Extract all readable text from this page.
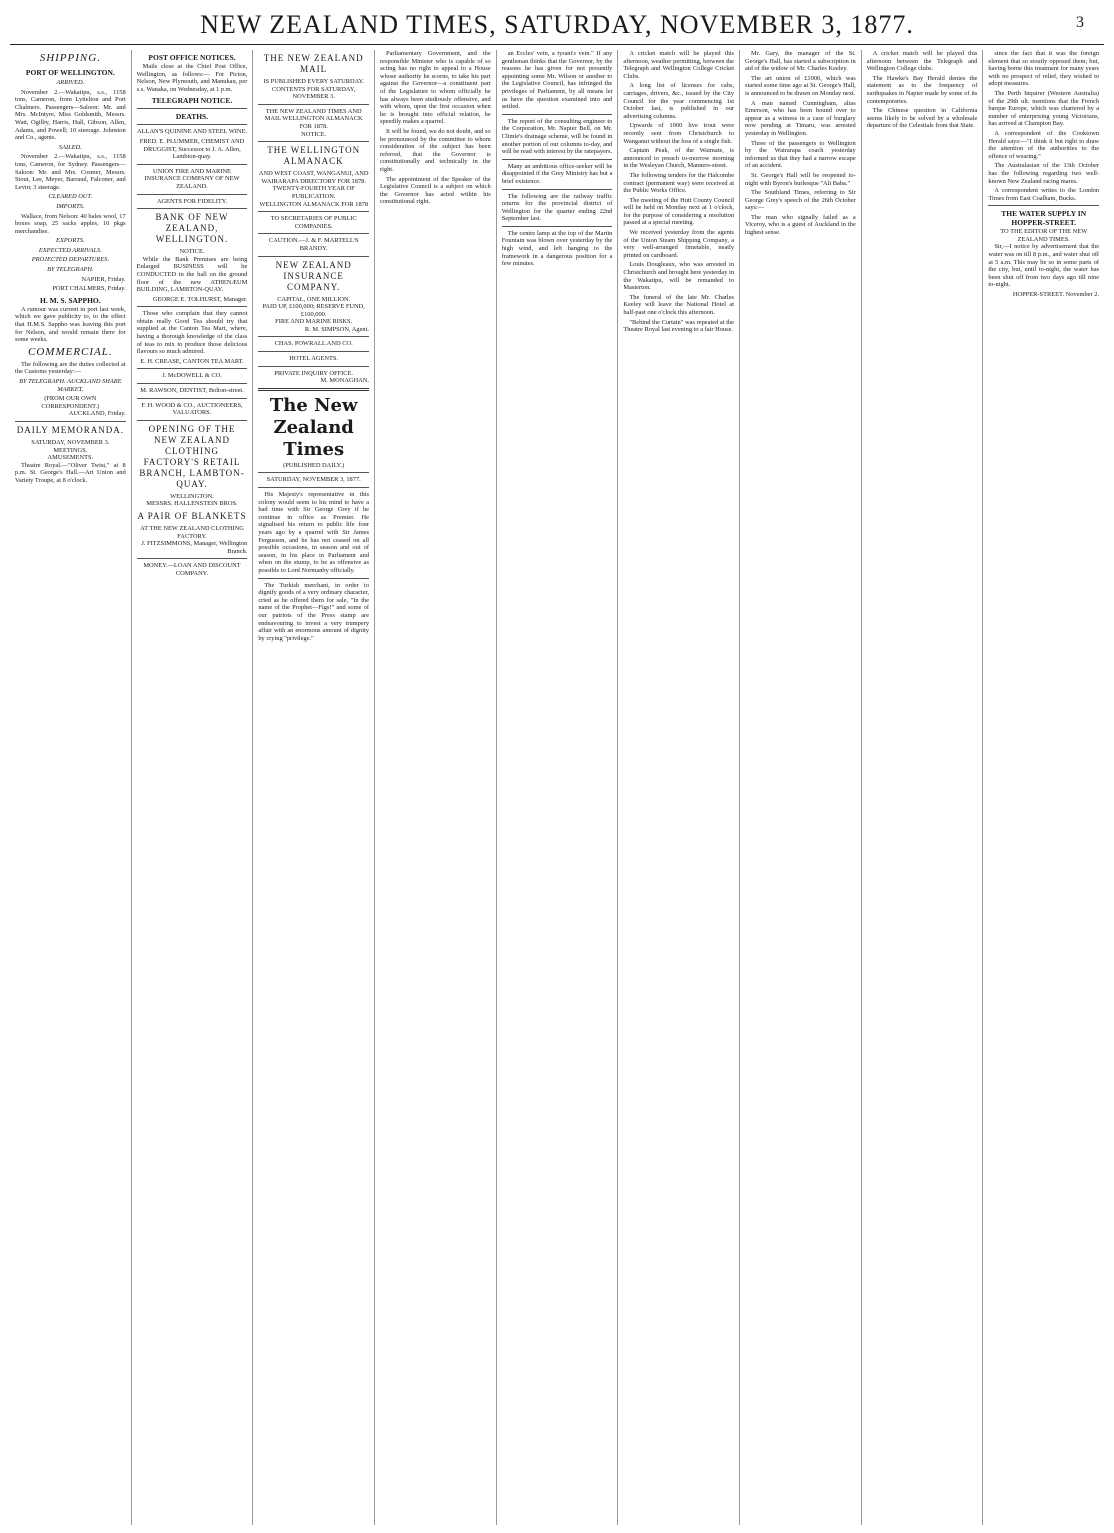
NEW ZEALAND TIMES, SATURDAY, NOVEMBER 3, 1877.	3
SHIPPING.
PORT OF WELLINGTON.
ARRIVED.

November 2.—Wakatipu, s.s., 1158 tons, Cameron, from Lyttelton and Port Chalmers. Passengers—Saloon: Mr. and Mrs. McIntyre, Miss Goldsmith, Messrs. Watt, Ogilby, Harris, Hall, Gibson, Allen, Adams, and Powell; 10 steerage. Johnston and Co., agents.

SAILED.

November 2.—Wakatipu, s.s., 1158 tons, Cameron, for Sydney. Passengers—Saloon: Mr. and Mrs. Cosmer, Messrs. Stout, Lee, Meyer, Barraud, Falconer, and Levin; 3 steerage.

CLEARED OUT.
IMPORTS.

Wallace, from Nelson: 40 bales wool, 17 boxes soap, 25 sacks apples, 10 pkgs merchandise.

EXPORTS.
EXPECTED ARRIVALS.
PROJECTED DEPARTURES.
BY TELEGRAPH.

NAPIER, Friday.

PORT CHALMERS, Friday.

H. M. S. SAPPHO.

A rumour was current in port last week, which we gave publicity to, to the effect that H.M.S. Sappho was leaving this port for Nelson, and would remain there for some weeks.

COMMERCIAL.

The following are the duties collected at the Customs yesterday:—

BY TELEGRAPH. AUCKLAND SHARE MARKET.
(FROM OUR OWN CORRESPONDENT.)

AUCKLAND, Friday.

DAILY MEMORANDA.
SATURDAY, NOVEMBER 3.
MEETINGS.
AMUSEMENTS.

Theatre Royal.—"Oliver Twist," at 8 p.m. St. George's Hall.—Art Union and Variety Troupe, at 8 o'clock.

POST OFFICE NOTICES.

Mails close at the Chief Post Office, Wellington, as follows:— For Picton, Nelson, New Plymouth, and Manukau, per s.s. Wanaka, on Wednesday, at 1 p.m.

TELEGRAPH NOTICE.
DEATHS.

ALLAN'S QUININE AND STEEL WINE.

FRED. E. PLUMMER, CHEMIST AND DRUGGIST, Successor to J. A. Allen, Lambton-quay.

UNION FIRE AND MARINE INSURANCE COMPANY OF NEW ZEALAND.

AGENTS FOR FIDELITY.

BANK OF NEW ZEALAND, WELLINGTON.
NOTICE.

While the Bank Premises are being Enlarged BUSINESS will be CONDUCTED in the hall on the ground floor of the new ATHENÆUM BUILDING, LAMBTON-QUAY.

GEORGE E. TOLHURST, Manager.

Those who complain that they cannot obtain really Good Tea should try that supplied at the Canton Tea Mart, where, having a thorough knowledge of the class of teas to mix to produce those delicious flavours so much admired.

E. H. CREASE, CANTON TEA MART.

J. McDOWELL & CO.

M. RAWSON, DENTIST, Bolton-street.

F. H. WOOD & CO., AUCTIONEERS, VALUATORS.

OPENING OF THE NEW ZEALAND CLOTHING FACTORY'S RETAIL BRANCH, LAMBTON-QUAY.
WELLINGTON.
MESSRS. HALLENSTEIN BROS.
A PAIR OF BLANKETS
AT THE NEW ZEALAND CLOTHING FACTORY.

J. FITZSIMMONS, Manager, Wellington Branch.

MONEY.—LOAN AND DISCOUNT COMPANY.

THE NEW ZEALAND MAIL
IS PUBLISHED EVERY SATURDAY.
CONTENTS FOR SATURDAY, NOVEMBER 3.
THE NEW ZEALAND TIMES AND MAIL WELLINGTON ALMANACK FOR 1878.
NOTICE.
THE WELLINGTON ALMANACK
AND WEST COAST, WANGANUI, AND WAIRARAPA DIRECTORY FOR 1878.
TWENTY-FOURTH YEAR OF PUBLICATION.
WELLINGTON ALMANACK FOR 1878
TO SECRETARIES OF PUBLIC COMPANIES.
CAUTION.—J. & F. MARTELL'S BRANDY.
NEW ZEALAND INSURANCE COMPANY.
CAPITAL, ONE MILLION.
PAID UP, £100,000; RESERVE FUND, £100,000.
FIRE AND MARINE RISKS.

R. M. SIMPSON, Agent.

CHAS. POWRALL AND CO.
HOTEL AGENTS.
PRIVATE INQUIRY OFFICE.

M. MONAGHAN.

The New Zealand Times
(PUBLISHED DAILY.)
SATURDAY, NOVEMBER 3, 1877.

His Majesty's representative in this colony would seem to his mind to have a bad time with Sir George Grey if he continue in office as Premier. He signalised his return to public life four years ago by a quarrel with Sir James Fergusson, and he has not ceased on all possible occasions, in season and out of season, in his place in Parliament and when on the stump, to be as offensive as possible to Lord Normanby officially.

The Turkish merchant, in order to dignify goods of a very ordinary character, cried as he offered them for sale, "In the name of the Prophet—Figs!" and some of our patriots of the Press stamp are endeavouring to invest a very trumpery affair with an enormous amount of dignity by crying "privilege."

Parliamentary Government, and the responsible Minister who is capable of so acting has no right to appeal to a House whose authority he scorns, to take his part against the Governor—a constituent part of the Legislature to whom officially he has always been studiously offensive, and with whom, upon the first occasion when he is brought into official relation, he speedily makes a quarrel.

It will be found, we do not doubt, and so be pronounced by the committee to whom consideration of the subject has been referred, that the Governor is constitutionally and technically in the right.

The appointment of the Speaker of the Legislative Council is a subject on which the Governor has acted within his constitutional right.

an Eccles' vein, a tyrant's vein." If any gentleman thinks that the Governor, by the reasons he has given for not presently appointing some Mr. Wilson or another to the Legislative Council, has infringed the privileges of Parliament, by all means let us have the question examined into and settled.

The report of the consulting engineer to the Corporation, Mr. Napier Bell, on Mr. Climie's drainage scheme, will be found in another portion of our columns to-day, and will be read with interest by the ratepayers.

Many an ambitious office-seeker will be disappointed if the Grey Ministry has but a brief existence.

The following are the railway traffic returns for the provincial district of Wellington for the quarter ending 22nd September last.

The centre lamp at the top of the Martin Fountain was blown over yesterday by the high wind, and left hanging to the framework in a dangerous position for a few minutes.

A cricket match will be played this afternoon, weather permitting, between the Telegraph and Wellington College Cricket Clubs.

A long list of licenses for cabs, carriages, drivers, &c., issued by the City Council for the year commencing 1st October last, is published in our advertising columns.

Upwards of 1000 live trout were recently sent from Christchurch to Wanganui without the loss of a single fish.

Captain Peak, of the Waimate, is announced to preach to-morrow morning in the Wesleyan Church, Manners-street.

The following tenders for the Halcombe contract (permanent way) were received at the Public Works Office.

The meeting of the Hutt County Council will be held on Monday next at 1 o'clock, for the purpose of considering a resolution passed at a special meeting.

We received yesterday from the agents of the Union Steam Shipping Company, a very well-arranged timetable, neatly printed on cardboard.

Louis Dougleaux, who was arrested in Christchurch and brought here yesterday in the Wakatipu, will be remanded to Masterton.

The funeral of the late Mr. Charles Keeley will leave the National Hotel at half-past one o'clock this afternoon.

"Behind the Curtain" was repeated at the Theatre Royal last evening to a fair House.

Mr. Gary, the manager of the St. George's Hall, has started a subscription in aid of the widow of Mr. Charles Keeley.

The art union of £1000, which was started some time ago at St. George's Hall, is announced to be drawn on Monday next.

A man named Cunningham, alias Emerson, who has been bound over to appear as a witness in a case of burglary now pending at Timaru, was arrested yesterday in Wellington.

Three of the passengers to Wellington by the Wairarapa coach yesterday informed us that they had a narrow escape of an accident.

St. George's Hall will be reopened to-night with Byron's burlesque "Ali Baba."

The Southland Times, referring to Sir George Grey's speech of the 26th October says:—

The man who signally failed as a Viceroy, who is a guest of Auckland in the highest sense.

A cricket match will be played this afternoon between the Telegraph and Wellington College clubs.

The Hawke's Bay Herald denies the statement as to the frequency of earthquakes in Napier made by some of its contemporaries.

The Chinese question in California seems likely to be solved by a wholesale departure of the Celestials from that State.

since the fact that it was the foreign element that so stoutly opposed them; but, having borne this treatment for many years with no prospect of relief, they wished to adopt measures.

The Perth Inquirer (Western Australia) of the 29th ult. mentions that the French barque Europe, which was chartered by a number of enterprising young Victorians, has arrived at Champion Bay.

A correspondent of the Cooktown Herald says:—"I think it but right to draw the attention of the authorities to the offence of wearing."

The Australasian of the 13th October has the following regarding two well-known New Zealand racing mares.

A correspondent writes to the London Times from East Coalham, Bucks.

THE WATER SUPPLY IN HOPPER-STREET.
TO THE EDITOR OF THE NEW ZEALAND TIMES.

Sir,—I notice by advertisement that the water was on till 8 p.m., and water shut off at 5 a.m. This may be so in some parts of the city, but, until to-night, the water has been shut off from two days ago till nine to-night.

HOPPER-STREET. November 2.
